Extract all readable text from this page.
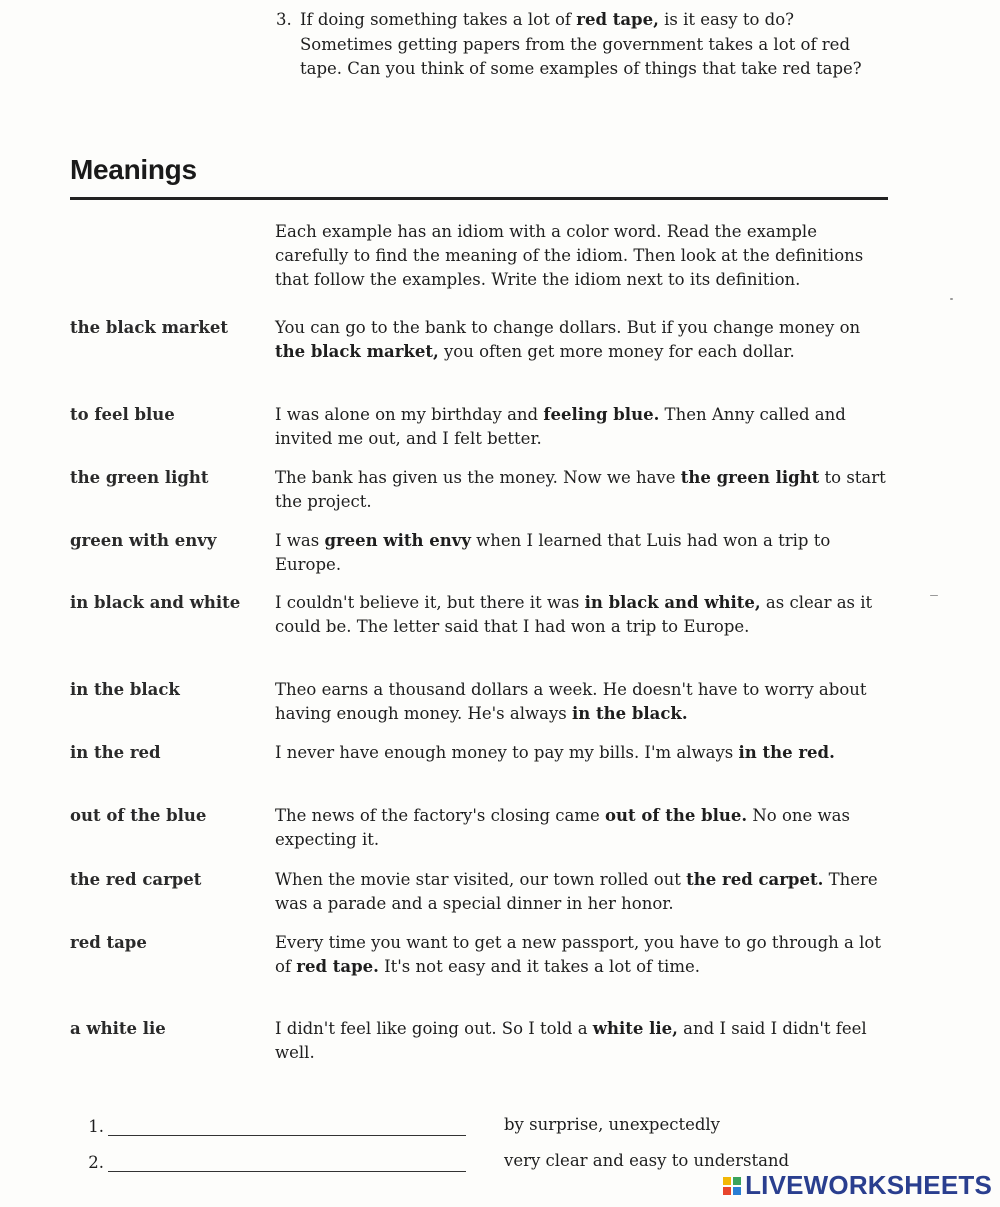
3. If doing something takes a lot of red tape, is it easy to do? Sometimes getting papers from the government takes a lot of red tape. Can you think of some examples of things that take red tape?
Meanings
Each example has an idiom with a color word. Read the example carefully to find the meaning of the idiom. Then look at the definitions that follow the examples. Write the idiom next to its definition.
the black market	You can go to the bank to change dollars. But if you change money on the black market, you often get more money for each dollar.
to feel blue	I was alone on my birthday and feeling blue. Then Anny called and invited me out, and I felt better.
the green light	The bank has given us the money. Now we have the green light to start the project.
green with envy	I was green with envy when I learned that Luis had won a trip to Europe.
in black and white	I couldn't believe it, but there it was in black and white, as clear as it could be. The letter said that I had won a trip to Europe.
in the black	Theo earns a thousand dollars a week. He doesn't have to worry about having enough money. He's always in the black.
in the red	I never have enough money to pay my bills. I'm always in the red.
out of the blue	The news of the factory's closing came out of the blue. No one was expecting it.
the red carpet	When the movie star visited, our town rolled out the red carpet. There was a parade and a special dinner in her honor.
red tape	Every time you want to get a new passport, you have to go through a lot of red tape. It's not easy and it takes a lot of time.
a white lie	I didn't feel like going out. So I told a white lie, and I said I didn't feel well.
1.	by surprise, unexpectedly
2.	very clear and easy to understand
LIVEWORKSHEETS
